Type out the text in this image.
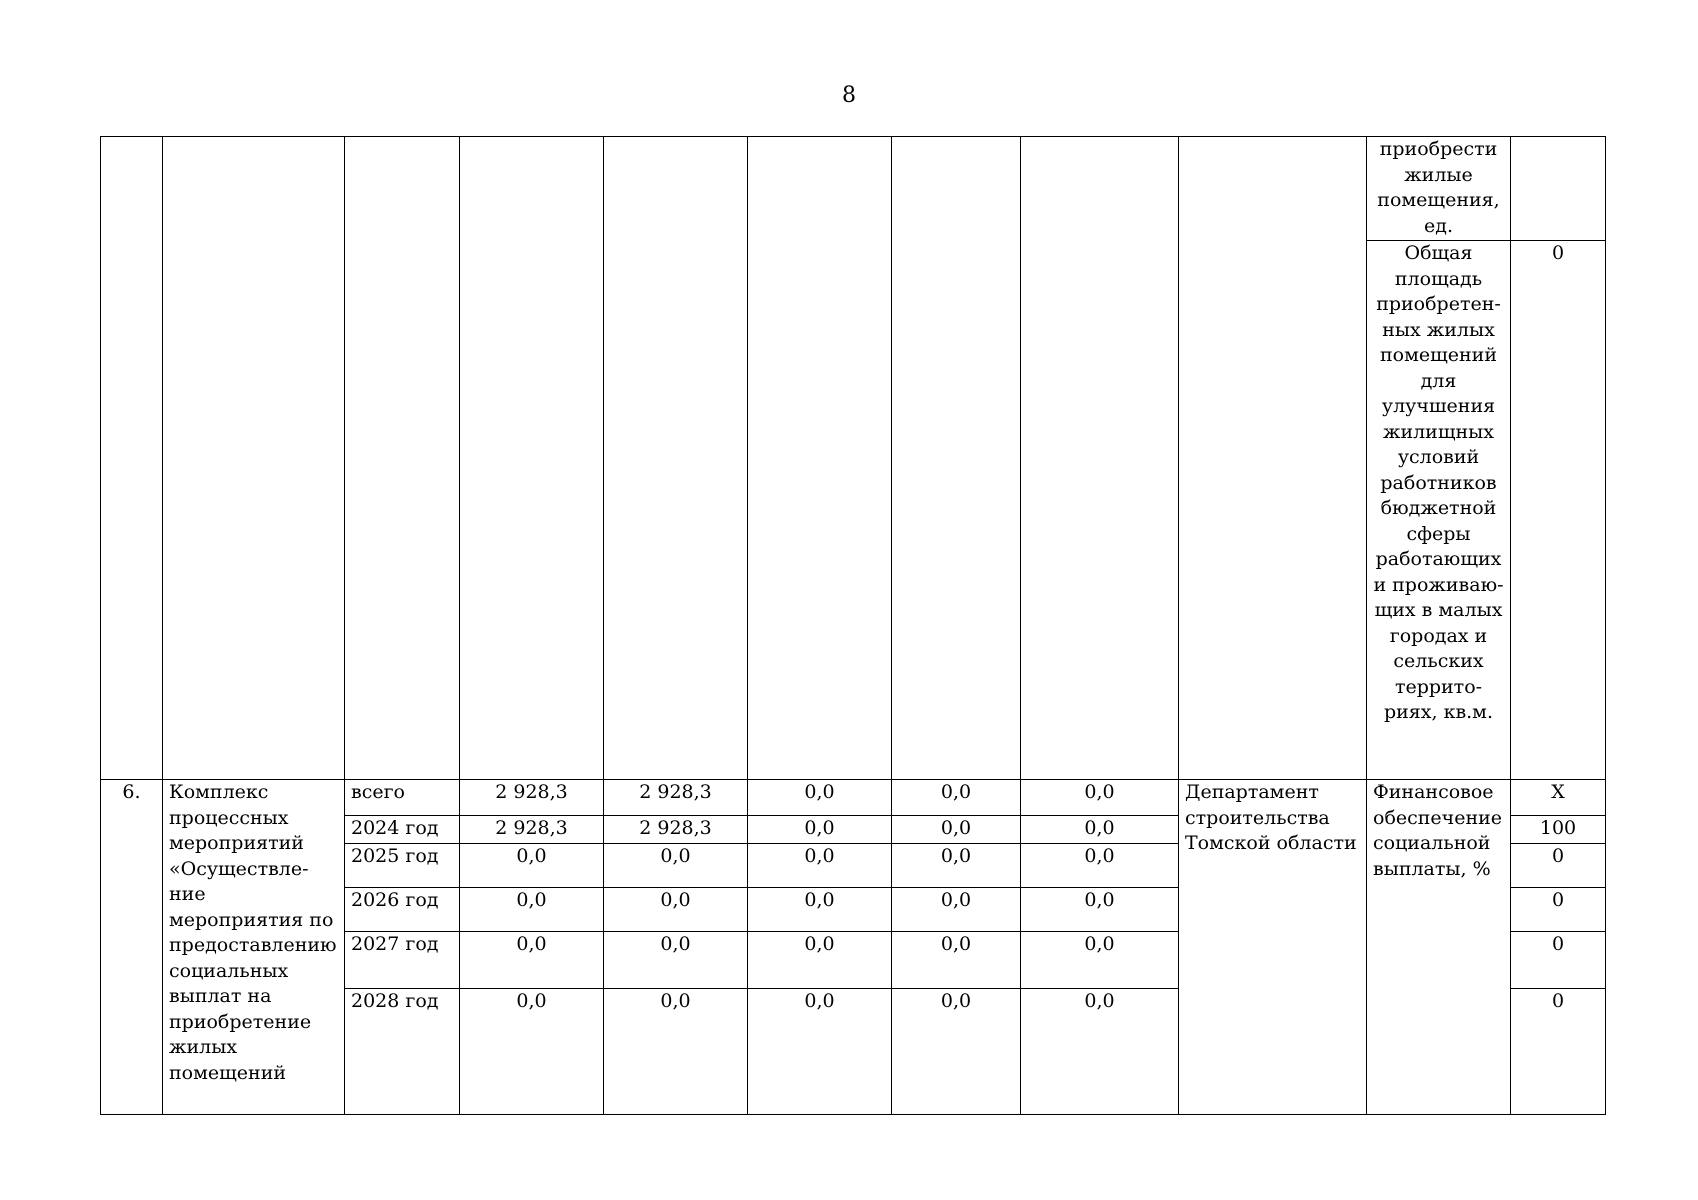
8
									приобрести жилые помещения, ед.	
									Общая площадь приобретен-ных жилых помещений для улучшения жилищных условий работников бюджетной сферы работающих и проживаю-щих в малых городах и сельских террито-риях, кв.м.	0
6.	Комплекс процессных мероприятий «Осуществле-ние мероприятия по предоставлению социальных выплат на приобретение жилых помещений	всего	2 928,3	2 928,3	0,0	0,0	0,0	Департамент строительства Томской области	Финансовое обеспечение социальной выплаты, %	X
		2024 год	2 928,3	2 928,3	0,0	0,0	0,0			100
		2025 год	0,0	0,0	0,0	0,0	0,0			0
		2026 год	0,0	0,0	0,0	0,0	0,0			0
		2027 год	0,0	0,0	0,0	0,0	0,0			0
		2028 год	0,0	0,0	0,0	0,0	0,0			0
